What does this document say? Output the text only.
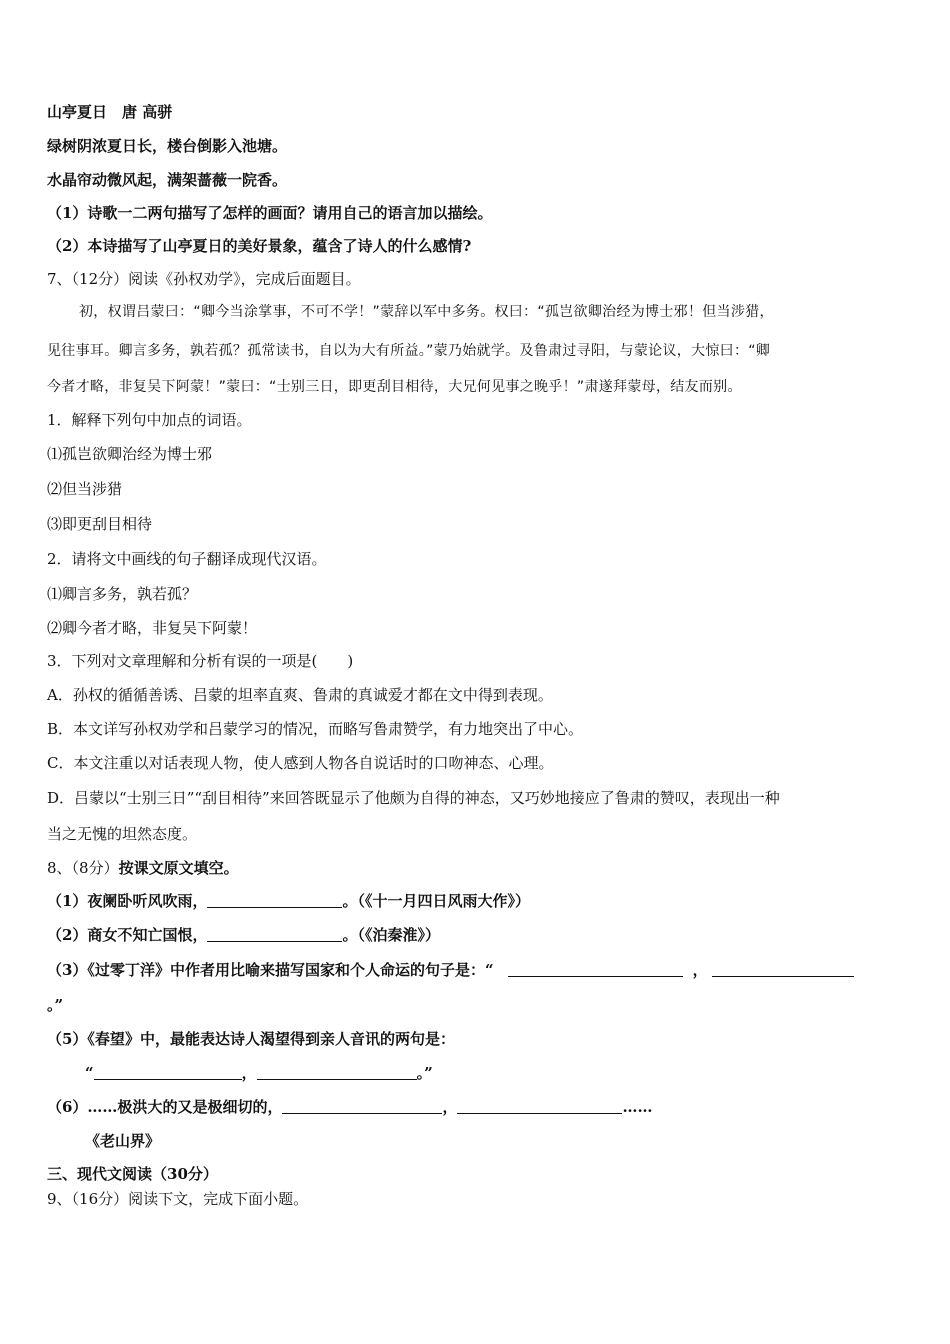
山亭夏日　唐 高骈
绿树阴浓夏日长，楼台倒影入池塘。
水晶帘动微风起，满架蔷薇一院香。
（1）诗歌一二两句描写了怎样的画面？请用自己的语言加以描绘。
（2）本诗描写了山亭夏日的美好景象，蕴含了诗人的什么感情?
7、（12分）阅读《孙权劝学》，完成后面题目。
初，权谓吕蒙曰：“卿今当涂掌事，不可不学！”蒙辞以军中多务。权曰：“孤岂欲卿治经为博士邪！但当涉猎，
见往事耳。卿言多务，孰若孤？孤常读书，自以为大有所益。”蒙乃始就学。及鲁肃过寻阳，与蒙论议，大惊曰：“卿
今者才略，非复吴下阿蒙！”蒙曰：“士别三日，即更刮目相待，大兄何见事之晚乎！”肃遂拜蒙母，结友而别。
1．解释下列句中加点的词语。
⑴孤岂欲卿治经为博士邪
⑵但当涉猎
⑶即更刮目相待
2．请将文中画线的句子翻译成现代汉语。
⑴卿言多务，孰若孤？
⑵卿今者才略，非复吴下阿蒙！
3．下列对文章理解和分析有误的一项是(　　)
A．孙权的循循善诱、吕蒙的坦率直爽、鲁肃的真诚爱才都在文中得到表现。
B．本文详写孙权劝学和吕蒙学习的情况，而略写鲁肃赞学，有力地突出了中心。
C．本文注重以对话表现人物，使人感到人物各自说话时的口吻神态、心理。
D．吕蒙以“士别三日”“刮目相待”来回答既显示了他颇为自得的神态，又巧妙地接应了鲁肃的赞叹，表现出一种
当之无愧的坦然态度。
8、（8分）按课文原文填空。
（1）夜阑卧听风吹雨，	。（《十一月四日风雨大作》）
（2）商女不知亡国恨，	。（《泊秦淮》）
（3）《过零丁洋》中作者用比喻来描写国家和个人命运的句子是：“	，
。”
（5）《春望》中，最能表达诗人渴望得到亲人音讯的两句是：
“	，	。”
（6）……极洪大的又是极细切的，	，	……
《老山界》
三、现代文阅读（30分）
9、（16分）阅读下文，完成下面小题。
